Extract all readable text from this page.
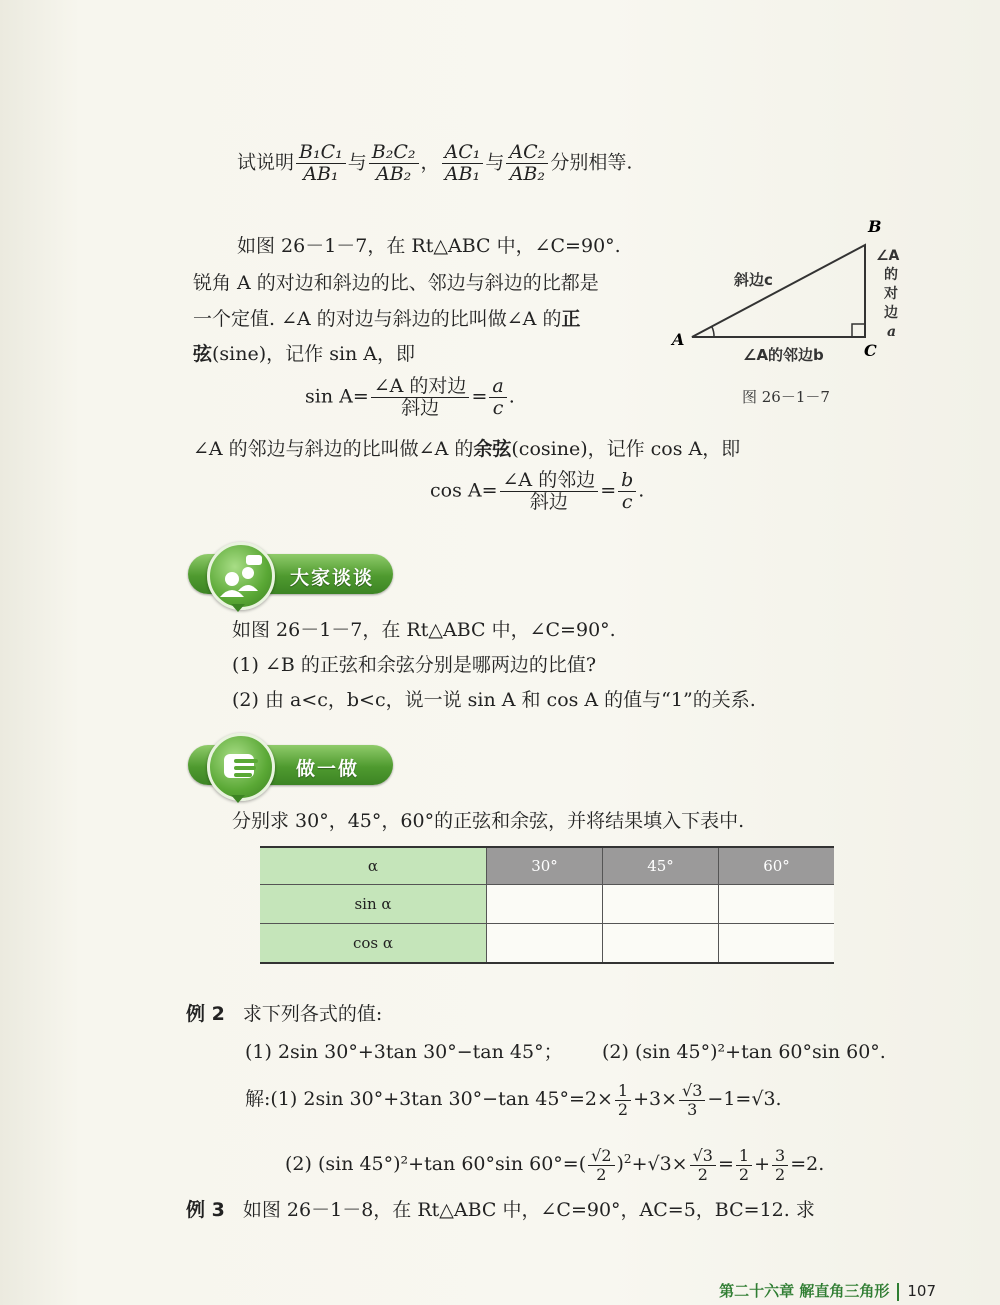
试说明 $\frac{\text{B₁C₁}}{\text{AB₁}}$ 与 $\frac{\text{B₂C₂}}{\text{AB₂}}$ ， $\frac{\text{AC₁}}{\text{AB₁}}$ 与 $\frac{\text{AC₂}}{\text{AB₂}}$ 分别相等.
如图 26－1－7，在 Rt△ABC 中，∠C=90°.
锐角 A 的对边和斜边的比、邻边与斜边的比都是
一个定值. ∠A 的对边与斜边的比叫做∠A 的正
弦(sine)，记作 sin A，即
$\sin A= \frac{\text{∠A 的对边}}{\text{斜边}} = \frac{a}{c}$ .
∠A 的邻边与斜边的比叫做∠A 的余弦(cosine)，记作 cos A，即
$\cos A= \frac{\text{∠A 的邻边}}{\text{斜边}} = \frac{b}{c}$ .
B
A
C
斜边c
∠A的邻边b
∠A
的
对
边
a
图 26－1－7
大家谈谈
如图 26－1－7，在 Rt△ABC 中，∠C=90°.
(1) ∠B 的正弦和余弦分别是哪两边的比值?
(2) 由 a<c，b<c，说一说 sin A 和 cos A 的值与“1”的关系.
做一做
分别求 30°，45°，60°的正弦和余弦，并将结果填入下表中.
α	30°	45°	60°
sin α			
cos α			
例 2 求下列各式的值:
(1) 2sin 30°+3tan 30°−tan 45°； (2) (sin 45°)²+tan 60°sin 60°.
解:(1) 2sin 30°+3tan 30°−tan $45^\circ=2\times \frac{1}{2} +3\times \frac{√3}{3} -1=√3$.
(2) (sin 45°)²+tan 60°sin $60^\circ=( \frac{√2}{2} )^2+√3\times \frac{√3}{2} = \frac{1}{2} + \frac{3}{2} =2$.
例 3 如图 26－1－8，在 Rt△ABC 中，∠C=90°，AC=5，BC=12. 求
第二十六章 解直角三角形 107
